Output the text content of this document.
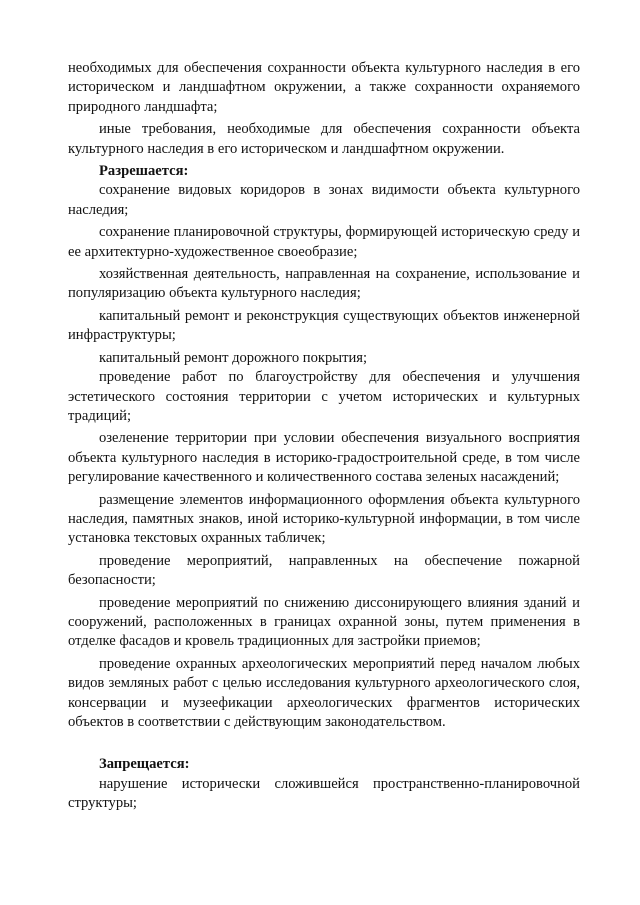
необходимых для обеспечения сохранности объекта культурного наследия в его историческом и ландшафтном окружении, а также сохранности охраняемого природного ландшафта;

иные требования, необходимые для обеспечения сохранности объекта культурного наследия в его историческом и ландшафтном окружении.

Разрешается:

сохранение видовых коридоров в зонах видимости объекта культурного наследия;

сохранение планировочной структуры, формирующей историческую среду и ее архитектурно-художественное своеобразие;

хозяйственная деятельность, направленная на сохранение, использование и популяризацию объекта культурного наследия;

капитальный ремонт и реконструкция существующих объектов инженерной инфраструктуры;

капитальный ремонт дорожного покрытия;

проведение работ по благоустройству для обеспечения и улучшения эстетического состояния территории с учетом исторических и культурных традиций;

озеленение территории при условии обеспечения визуального восприятия объекта культурного наследия в историко-градостроительной среде, в том числе регулирование качественного и количественного состава зеленых насаждений;

размещение элементов информационного оформления объекта культурного наследия, памятных знаков, иной историко-культурной информации, в том числе установка текстовых охранных табличек;

проведение мероприятий, направленных на обеспечение пожарной безопасности;

проведение мероприятий по снижению диссонирующего влияния зданий и сооружений, расположенных в границах охранной зоны, путем применения в отделке фасадов и кровель традиционных для застройки приемов;

проведение охранных археологических мероприятий перед началом любых видов земляных работ с целью исследования культурного археологического слоя, консервации и музеефикации археологических фрагментов исторических объектов в соответствии с действующим законодательством.

Запрещается:

нарушение исторически сложившейся пространственно-планировочной структуры;
